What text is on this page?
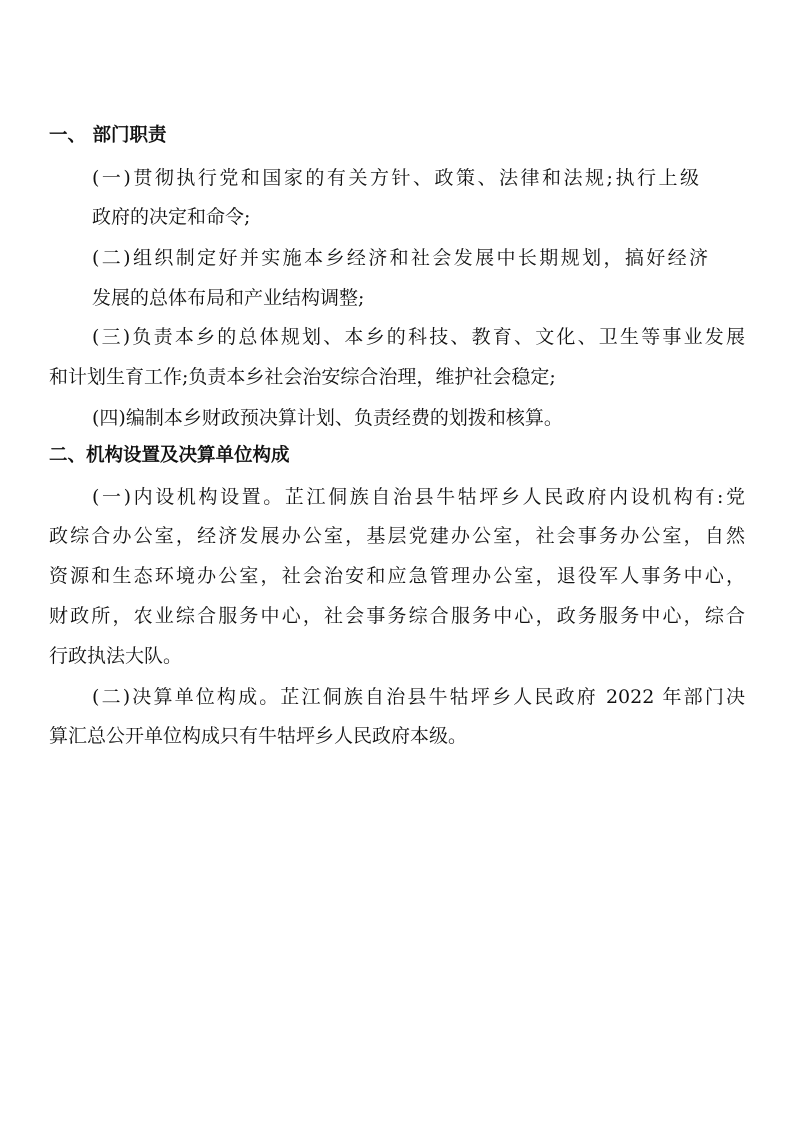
一、 部门职责
(一)贯彻执行党和国家的有关方针、政策、法律和法规;执行上级
政府的决定和命令;
(二)组织制定好并实施本乡经济和社会发展中长期规划，搞好经济
发展的总体布局和产业结构调整;
(三)负责本乡的总体规划、本乡的科技、教育、文化、卫生等事业发展
和计划生育工作;负责本乡社会治安综合治理，维护社会稳定;
(四)编制本乡财政预决算计划、负责经费的划拨和核算。
二、机构设置及决算单位构成
(一)内设机构设置。芷江侗族自治县牛牯坪乡人民政府内设机构有:党
政综合办公室，经济发展办公室，基层党建办公室，社会事务办公室，自然
资源和生态环境办公室，社会治安和应急管理办公室，退役军人事务中心，
财政所，农业综合服务中心，社会事务综合服务中心，政务服务中心，综合
行政执法大队。
(二)决算单位构成。芷江侗族自治县牛牯坪乡人民政府 2022 年部门决
算汇总公开单位构成只有牛牯坪乡人民政府本级。
